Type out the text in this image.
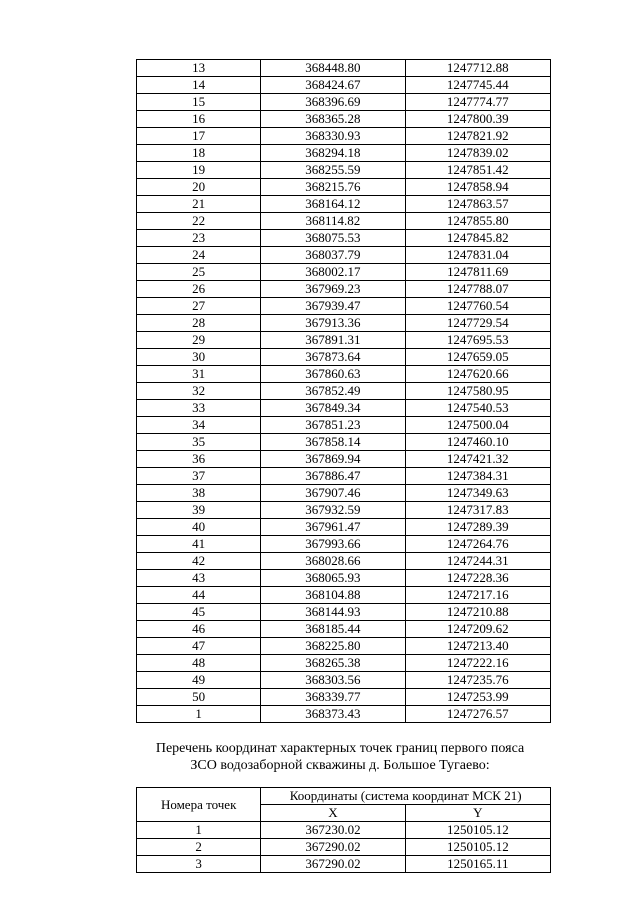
13	368448.80	1247712.88
14	368424.67	1247745.44
15	368396.69	1247774.77
16	368365.28	1247800.39
17	368330.93	1247821.92
18	368294.18	1247839.02
19	368255.59	1247851.42
20	368215.76	1247858.94
21	368164.12	1247863.57
22	368114.82	1247855.80
23	368075.53	1247845.82
24	368037.79	1247831.04
25	368002.17	1247811.69
26	367969.23	1247788.07
27	367939.47	1247760.54
28	367913.36	1247729.54
29	367891.31	1247695.53
30	367873.64	1247659.05
31	367860.63	1247620.66
32	367852.49	1247580.95
33	367849.34	1247540.53
34	367851.23	1247500.04
35	367858.14	1247460.10
36	367869.94	1247421.32
37	367886.47	1247384.31
38	367907.46	1247349.63
39	367932.59	1247317.83
40	367961.47	1247289.39
41	367993.66	1247264.76
42	368028.66	1247244.31
43	368065.93	1247228.36
44	368104.88	1247217.16
45	368144.93	1247210.88
46	368185.44	1247209.62
47	368225.80	1247213.40
48	368265.38	1247222.16
49	368303.56	1247235.76
50	368339.77	1247253.99
1	368373.43	1247276.57
Перечень координат характерных точек границ первого пояса
ЗСО водозаборной скважины д. Большое Тугаево:
Номера точек	Координаты (система координат МСК 21)	
	X	Y
1	367230.02	1250105.12
2	367290.02	1250105.12
3	367290.02	1250165.11
